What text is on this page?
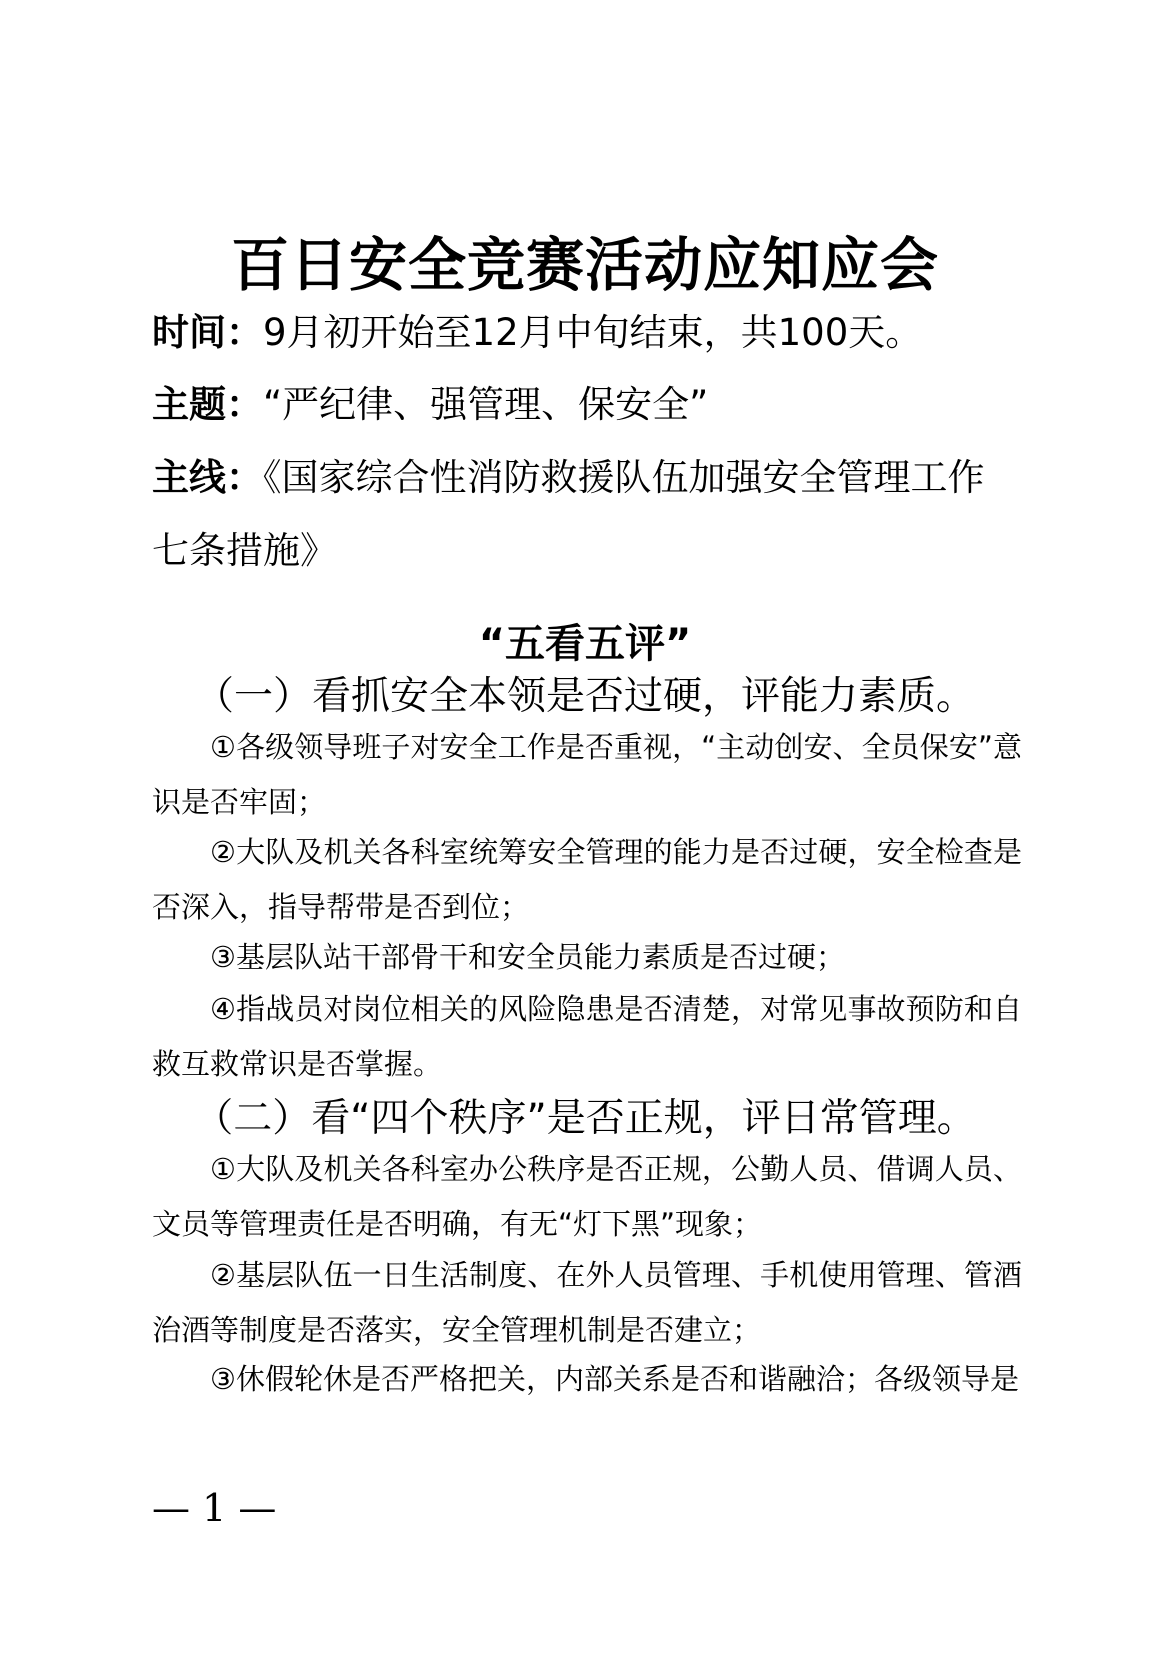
百日安全竞赛活动应知应会
时间：9月初开始至12月中旬结束，共100天。
主题：“严纪律、强管理、保安全”
主线：《国家综合性消防救援队伍加强安全管理工作
七条措施》
“五看五评”
（一）看抓安全本领是否过硬，评能力素质。
①各级领导班子对安全工作是否重视，“主动创安、全员保安”意识是否牢固；
②大队及机关各科室统筹安全管理的能力是否过硬，安全检查是否深入，指导帮带是否到位；
③基层队站干部骨干和安全员能力素质是否过硬；
④指战员对岗位相关的风险隐患是否清楚，对常见事故预防和自救互救常识是否掌握。
（二）看“四个秩序”是否正规，评日常管理。
①大队及机关各科室办公秩序是否正规，公勤人员、借调人员、文员等管理责任是否明确，有无“灯下黑”现象；
②基层队伍一日生活制度、在外人员管理、手机使用管理、管酒治酒等制度是否落实，安全管理机制是否建立；
③休假轮休是否严格把关，内部关系是否和谐融洽；各级领导是
— 1 —
